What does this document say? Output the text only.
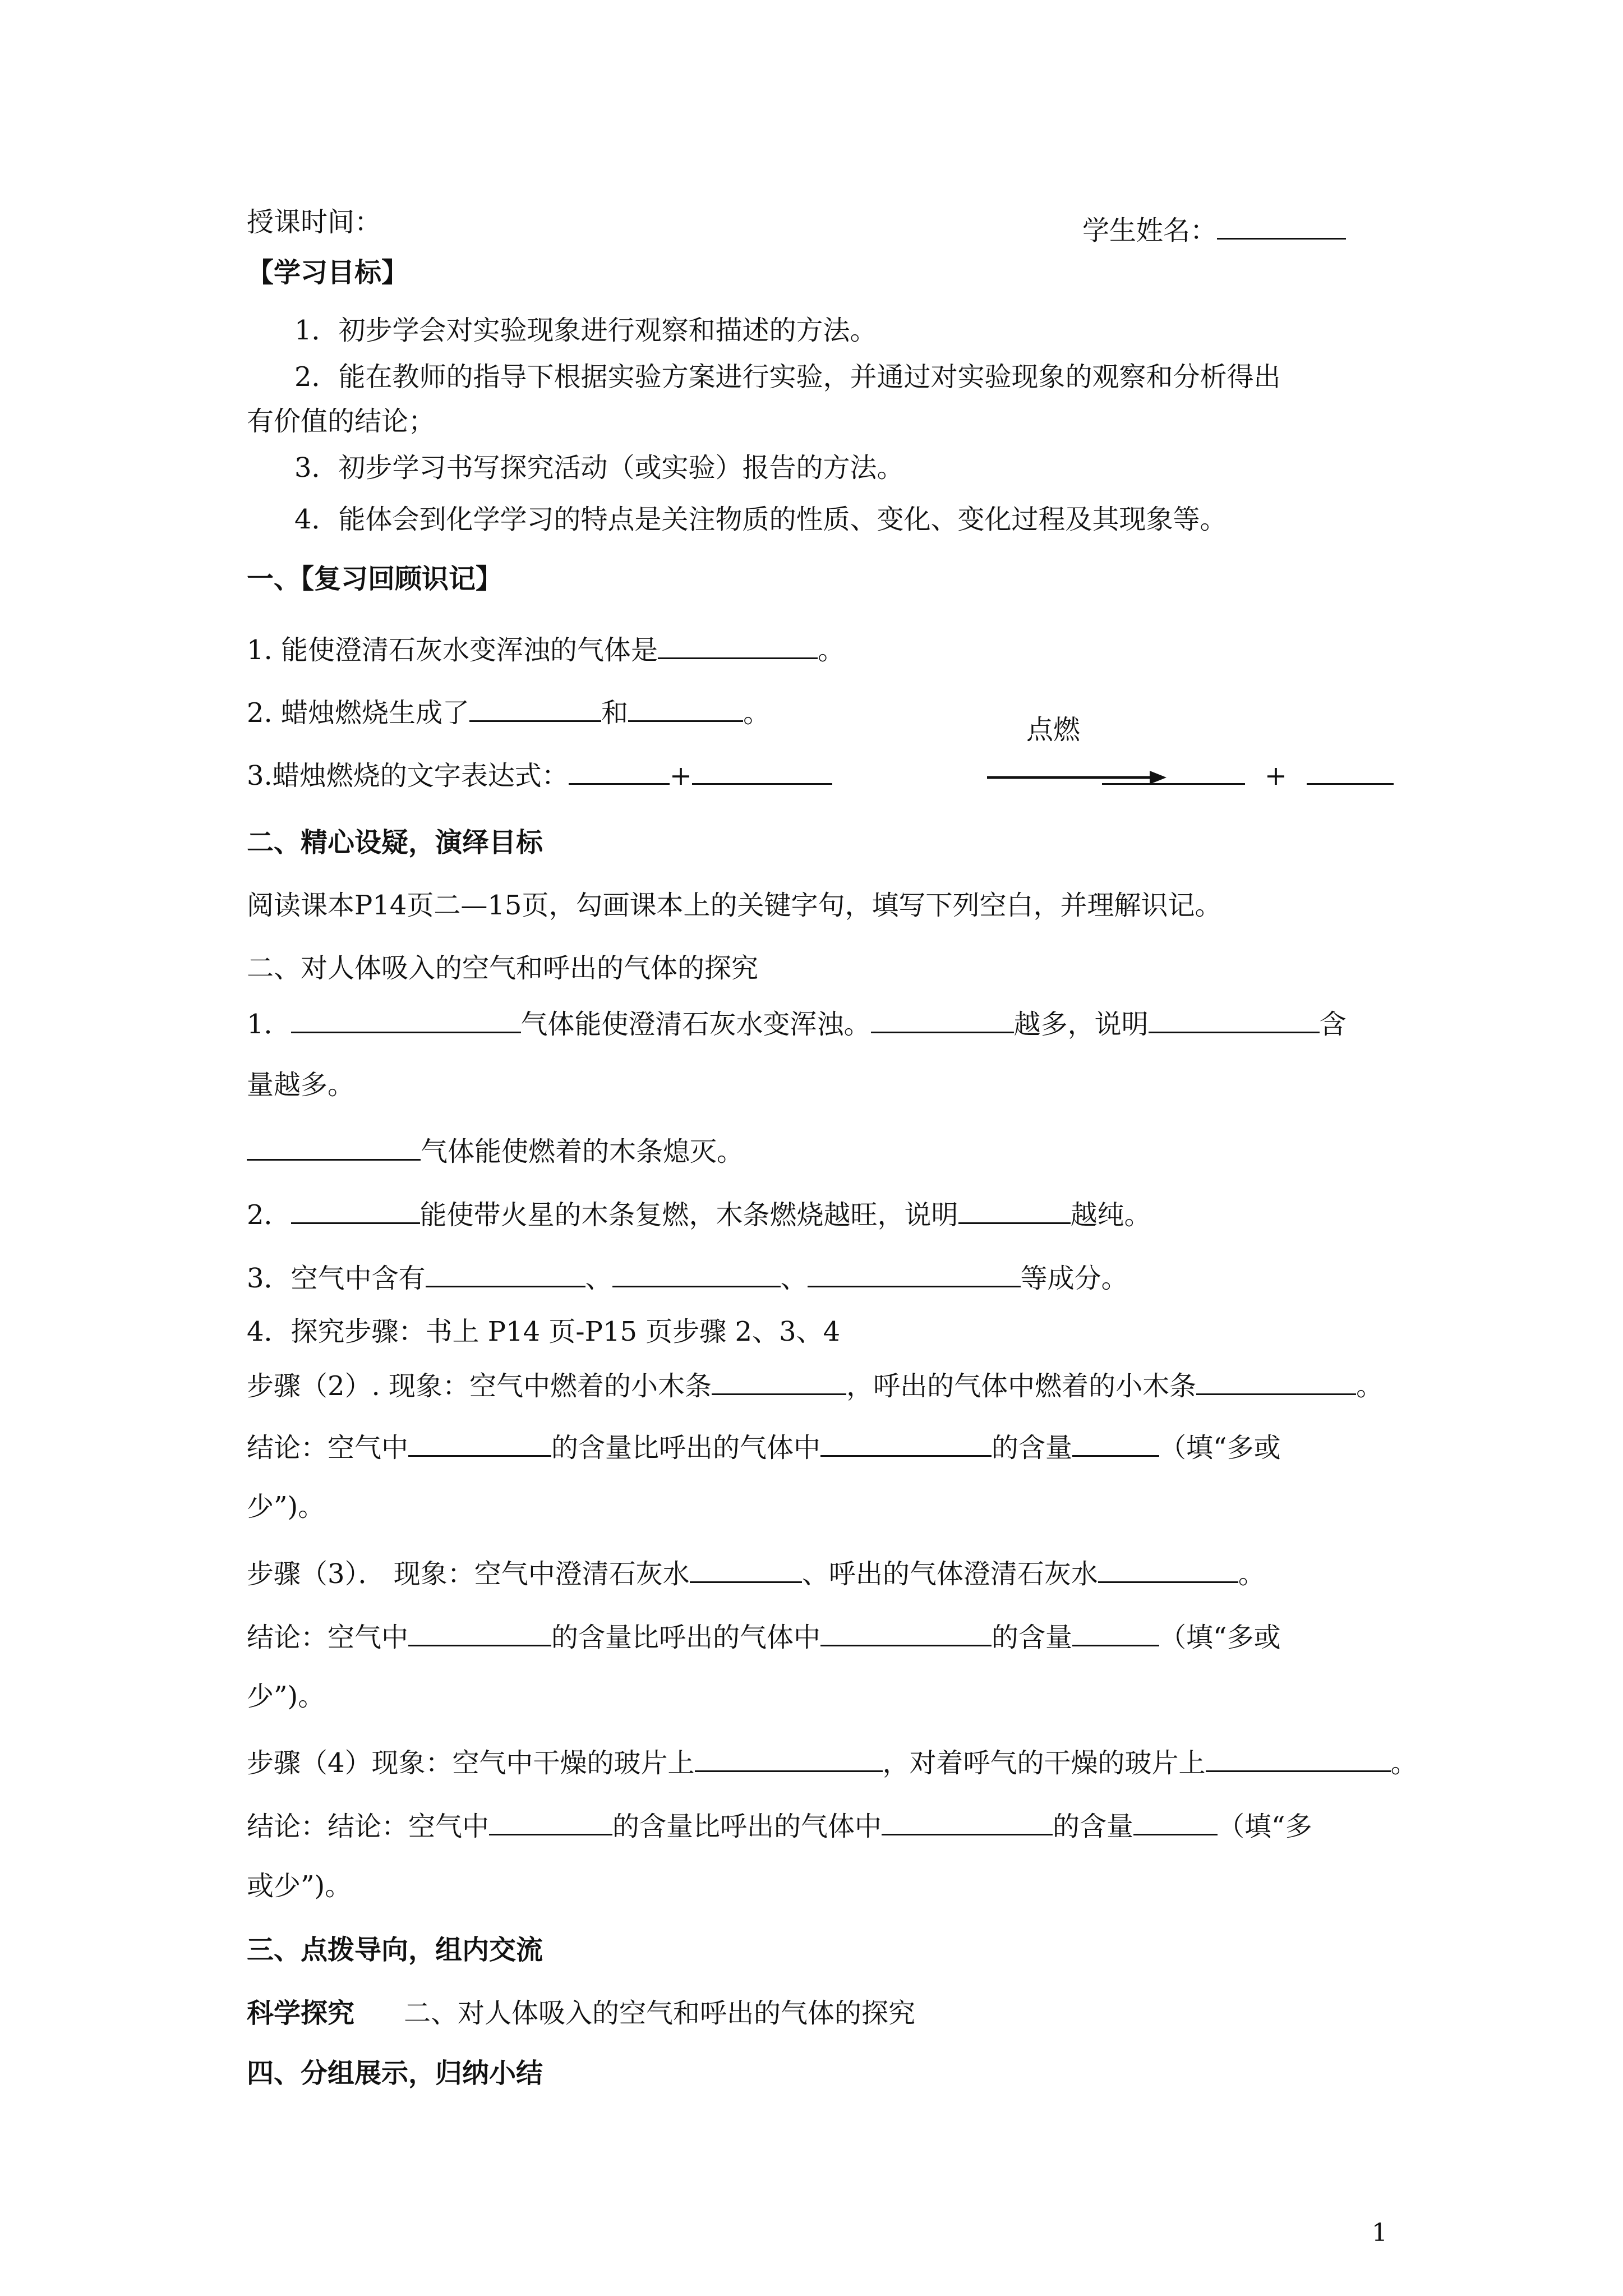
授课时间：	学生姓名：
【学习目标】
1．初步学会对实验现象进行观察和描述的方法。
2．能在教师的指导下根据实验方案进行实验，并通过对实验现象的观察和分析得出
有价值的结论；
3．初步学习书写探究活动（或实验）报告的方法。
4．能体会到化学学习的特点是关注物质的性质、变化、变化过程及其现象等。
一、【复习回顾识记】
1. 能使澄清石灰水变浑浊的气体是	。
2. 蜡烛燃烧生成了	和	。
3.蜡烛燃烧的文字表达式：	+
点燃
+
二、精心设疑，演绎目标
阅读课本P14页二—15页，勾画课本上的关键字句，填写下列空白，并理解识记。
二、对人体吸入的空气和呼出的气体的探究
1．	气体能使澄清石灰水变浑浊。	越多，说明	含
量越多。
气体能使燃着的木条熄灭。
2．	能使带火星的木条复燃，木条燃烧越旺，说明	越纯。
3．空气中含有	、	、	等成分。
4．探究步骤：书上 P14 页-P15 页步骤 2、3、4
步骤（2）. 现象：空气中燃着的小木条	，呼出的气体中燃着的小木条	。
结论：空气中	的含量比呼出的气体中	的含量	（填“多或
少”)。
步骤（3）． 现象：空气中澄清石灰水	、呼出的气体澄清石灰水	。
结论：空气中	的含量比呼出的气体中	的含量	（填“多或
少”)。
步骤（4）现象：空气中干燥的玻片上	，对着呼气的干燥的玻片上	。
结论：结论：空气中	的含量比呼出的气体中	的含量	（填“多
或少”)。
三、点拨导向，组内交流
科学探究 二、对人体吸入的空气和呼出的气体的探究
四、分组展示，归纳小结
1
